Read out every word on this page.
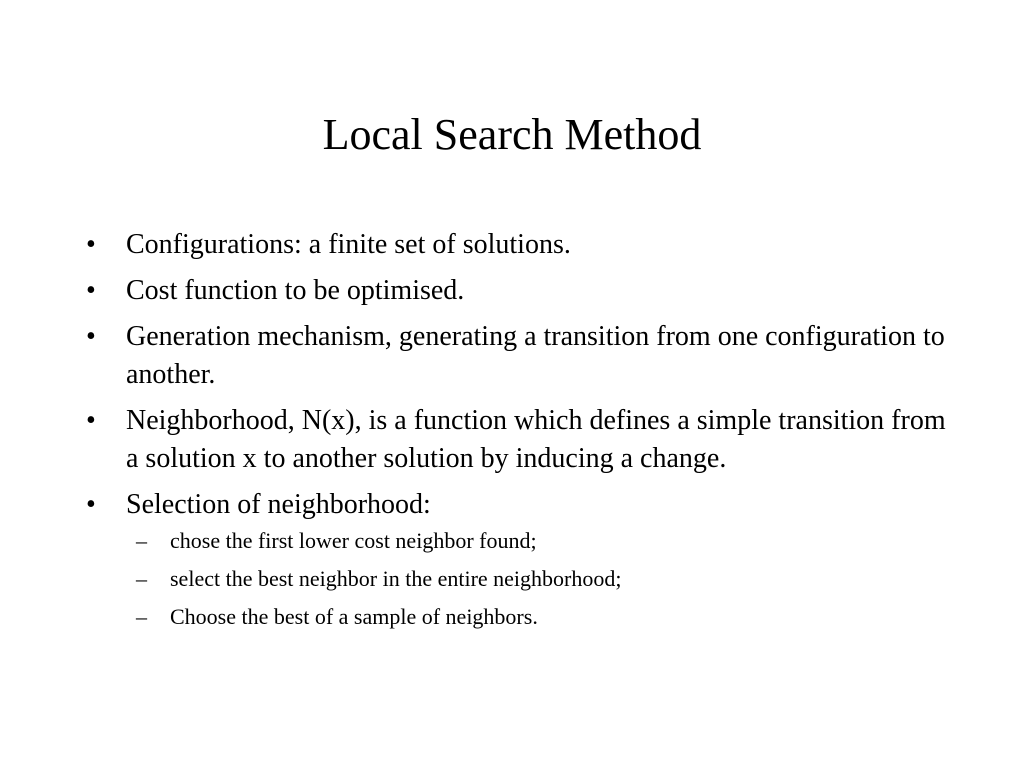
Local Search Method
•	Configurations: a finite set of solutions.
•	Cost function to be optimised.
•	Generation mechanism, generating a transition from one configuration to another.
•	Neighborhood, N(x), is a function which defines a simple transition from a solution x to another solution by inducing a change.
•	Selection of neighborhood:
–	chose the first lower cost neighbor found;
–	select the best neighbor in the entire neighborhood;
–	Choose the best of a sample of neighbors.
